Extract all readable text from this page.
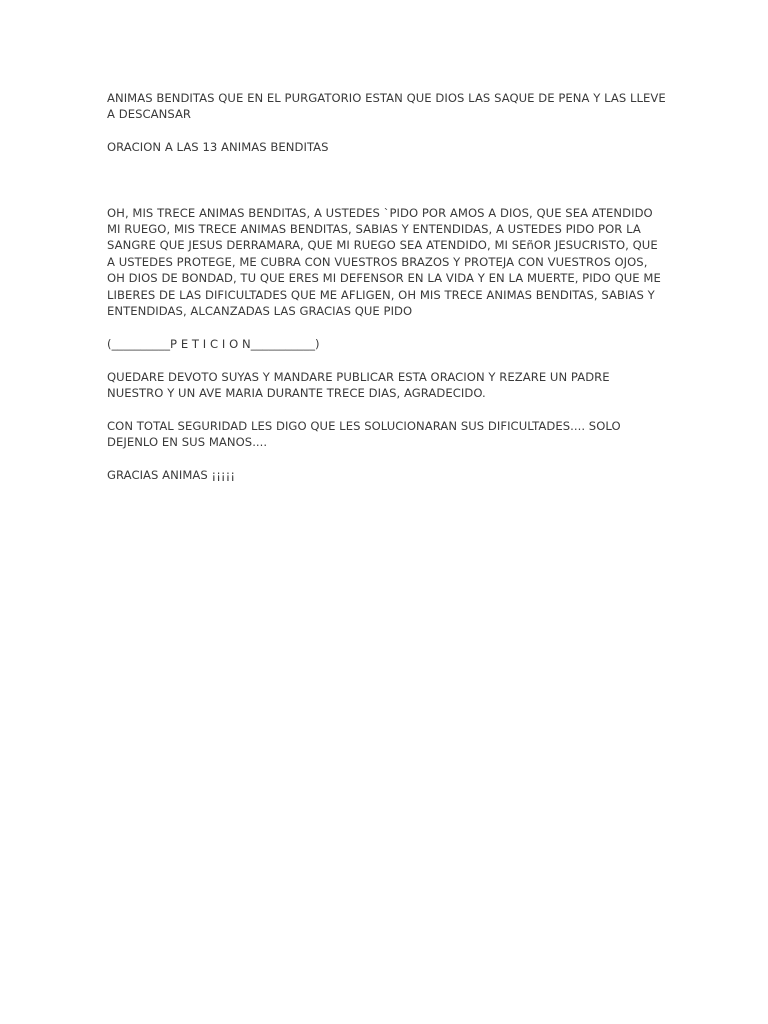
ANIMAS BENDITAS QUE EN EL PURGATORIO ESTAN QUE DIOS LAS SAQUE DE PENA Y LAS LLEVE A DESCANSAR

ORACION A LAS 13 ANIMAS BENDITAS

OH, MIS TRECE ANIMAS BENDITAS, A USTEDES `PIDO POR AMOS A DIOS, QUE SEA ATENDIDO MI RUEGO, MIS TRECE ANIMAS BENDITAS, SABIAS Y ENTENDIDAS, A USTEDES PIDO POR LA SANGRE QUE JESUS DERRAMARA, QUE MI RUEGO SEA ATENDIDO, MI SEñOR JESUCRISTO, QUE A USTEDES PROTEGE, ME CUBRA CON VUESTROS BRAZOS Y PROTEJA CON VUESTROS OJOS, OH DIOS DE BONDAD, TU QUE ERES MI DEFENSOR EN LA VIDA Y EN LA MUERTE, PIDO QUE ME LIBERES DE LAS DIFICULTADES QUE ME AFLIGEN, OH MIS TRECE ANIMAS BENDITAS, SABIAS Y ENTENDIDAS, ALCANZADAS LAS GRACIAS QUE PIDO

(__________P E T I C I O N___________)

QUEDARE DEVOTO SUYAS Y MANDARE PUBLICAR ESTA ORACION Y REZARE UN PADRE NUESTRO Y UN AVE MARIA DURANTE TRECE DIAS, AGRADECIDO.

CON TOTAL SEGURIDAD LES DIGO QUE LES SOLUCIONARAN SUS DIFICULTADES.... SOLO DEJENLO EN SUS MANOS....

GRACIAS ANIMAS ¡¡¡¡¡
